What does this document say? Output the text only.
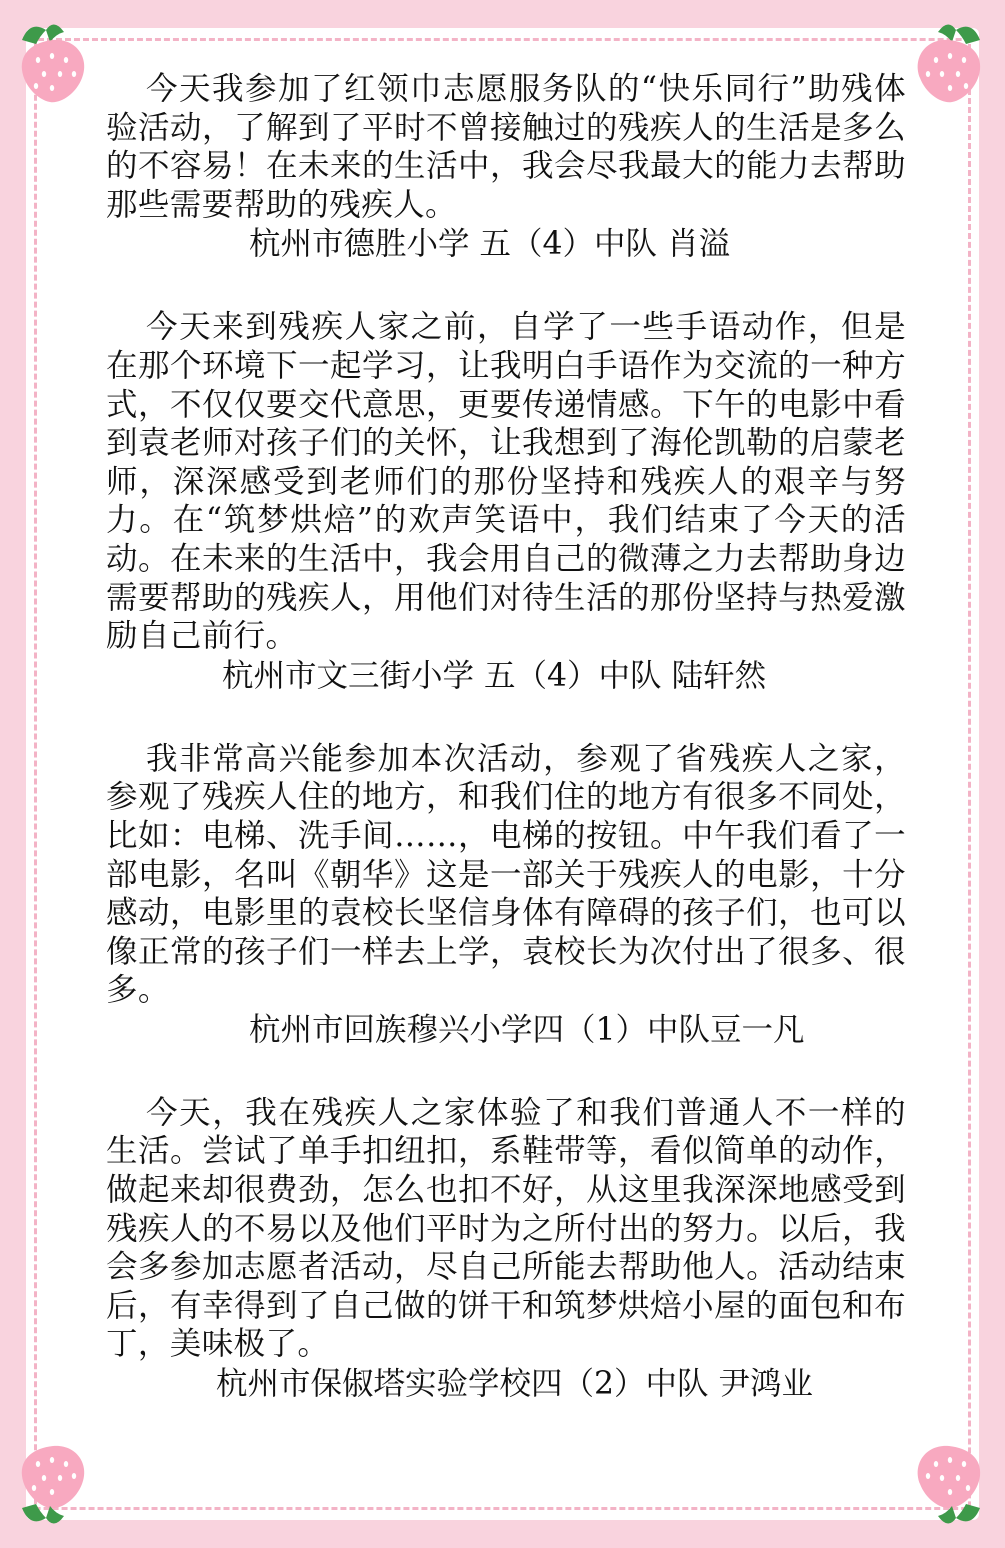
今天我参加了红领巾志愿服务队的“快乐同行”助残体验活动，了解到了平时不曾接触过的残疾人的生活是多么的不容易！在未来的生活中，我会尽我最大的能力去帮助那些需要帮助的残疾人。

杭州市德胜小学 五（4）中队 肖溢

今天来到残疾人家之前，自学了一些手语动作，但是在那个环境下一起学习，让我明白手语作为交流的一种方式，不仅仅要交代意思，更要传递情感。下午的电影中看到袁老师对孩子们的关怀，让我想到了海伦凯勒的启蒙老师，深深感受到老师们的那份坚持和残疾人的艰辛与努力。在“筑梦烘焙”的欢声笑语中，我们结束了今天的活动。在未来的生活中，我会用自己的微薄之力去帮助身边需要帮助的残疾人，用他们对待生活的那份坚持与热爱激励自己前行。

杭州市文三街小学 五（4）中队 陆轩然

我非常高兴能参加本次活动，参观了省残疾人之家，参观了残疾人住的地方，和我们住的地方有很多不同处，比如：电梯、洗手间……，电梯的按钮。中午我们看了一部电影，名叫《朝华》这是一部关于残疾人的电影，十分感动，电影里的袁校长坚信身体有障碍的孩子们，也可以像正常的孩子们一样去上学，袁校长为次付出了很多、很多。

杭州市回族穆兴小学四（1）中队豆一凡

今天，我在残疾人之家体验了和我们普通人不一样的生活。尝试了单手扣纽扣，系鞋带等，看似简单的动作，做起来却很费劲，怎么也扣不好，从这里我深深地感受到残疾人的不易以及他们平时为之所付出的努力。以后，我会多参加志愿者活动，尽自己所能去帮助他人。活动结束后，有幸得到了自己做的饼干和筑梦烘焙小屋的面包和布丁，美味极了。

杭州市保俶塔实验学校四（2）中队 尹鸿业
